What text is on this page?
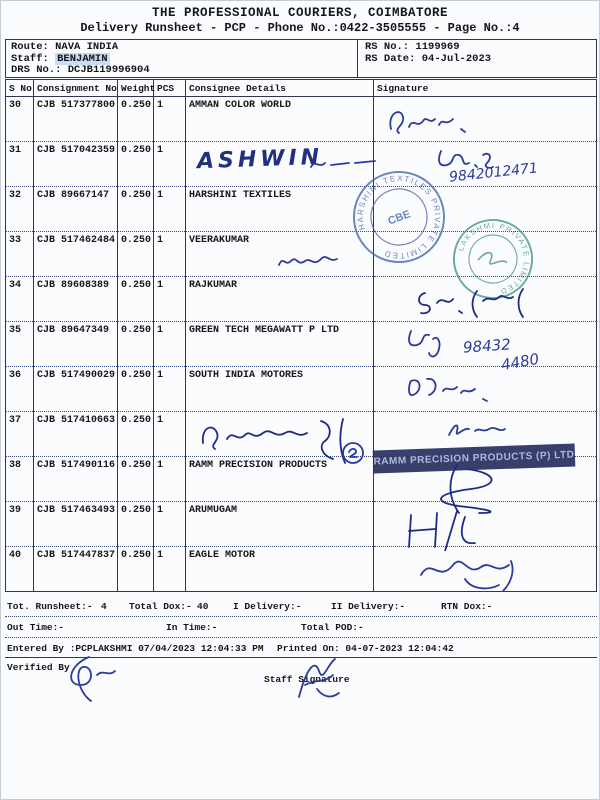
THE PROFESSIONAL COURIERS, COIMBATORE
Delivery Runsheet - PCP - Phone No.:0422-3505555 - Page No.:4
Route: NAVA INDIA
Staff: BENJAMIN
DRS No.: DCJB119996904
RS No.: 1199969
RS Date: 04-Jul-2023
S No	Consignment No	Weight	PCS	Consignee Details	Signature
30	CJB 517377800	0.250	1	AMMAN COLOR WORLD	
31	CJB 517042359	0.250	1		
32	CJB 89667147	0.250	1	HARSHINI TEXTILES	
33	CJB 517462484	0.250	1	VEERAKUMAR	
34	CJB 89608389	0.250	1	RAJKUMAR	
35	CJB 89647349	0.250	1	GREEN TECH MEGAWATT P LTD	
36	CJB 517490029	0.250	1	SOUTH INDIA MOTORES	
37	CJB 517410663	0.250	1		
38	CJB 517490116	0.250	1	RAMM PRECISION PRODUCTS	
39	CJB 517463493	0.250	1	ARUMUGAM	
40	CJB 517447837	0.250	1	EAGLE MOTOR	
Tot. Runsheet:- 4 Total Dox:- 40	I Delivery:-	II Delivery:-	RTN Dox:-
Out Time:-	In Time:-	Total POD:-
Entered By :PCPLAKSHMI 07/04/2023 12:04:33 PM Printed On: 04-07-2023 12:04:42
Verified By
Staff Signature
ASHWIN	9842012471
HARSHINI TEXTILES PRIVATE LIMITED
CBE
LAKSHMI PRIVATE LIMITED
98432
4480
RAMM PRECISION PRODUCTS (P) LTD
